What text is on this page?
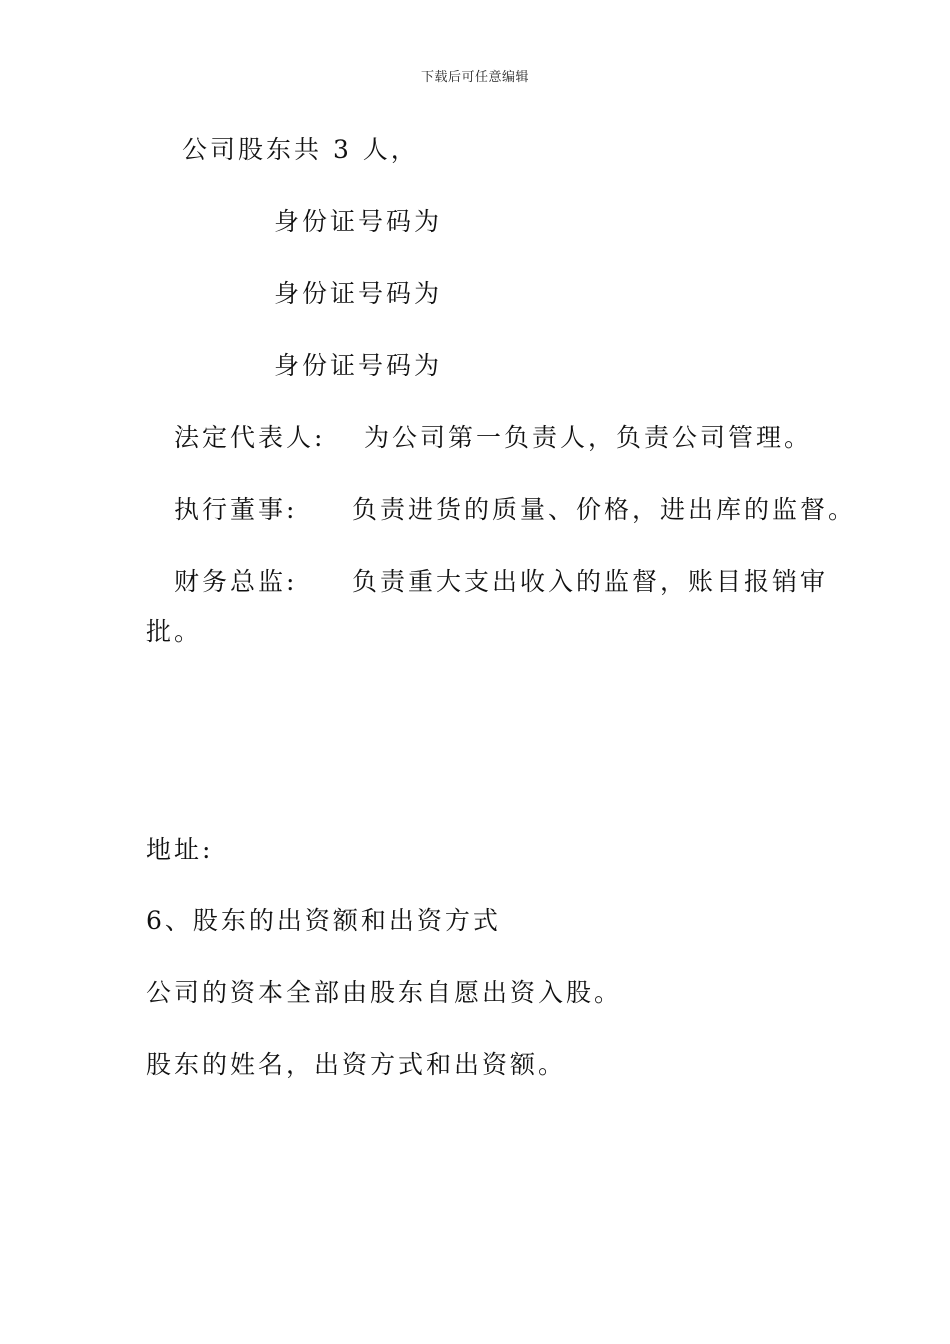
下载后可任意编辑
公司股东共 3 人，
身份证号码为
身份证号码为
身份证号码为
法定代表人: 为公司第一负责人，负责公司管理。
执行董事: 负责进货的质量、价格，进出库的监督。
财务总监: 负责重大支出收入的监督，账目报销审
批。
地址:
6、股东的出资额和出资方式
公司的资本全部由股东自愿出资入股。
股东的姓名，出资方式和出资额。
